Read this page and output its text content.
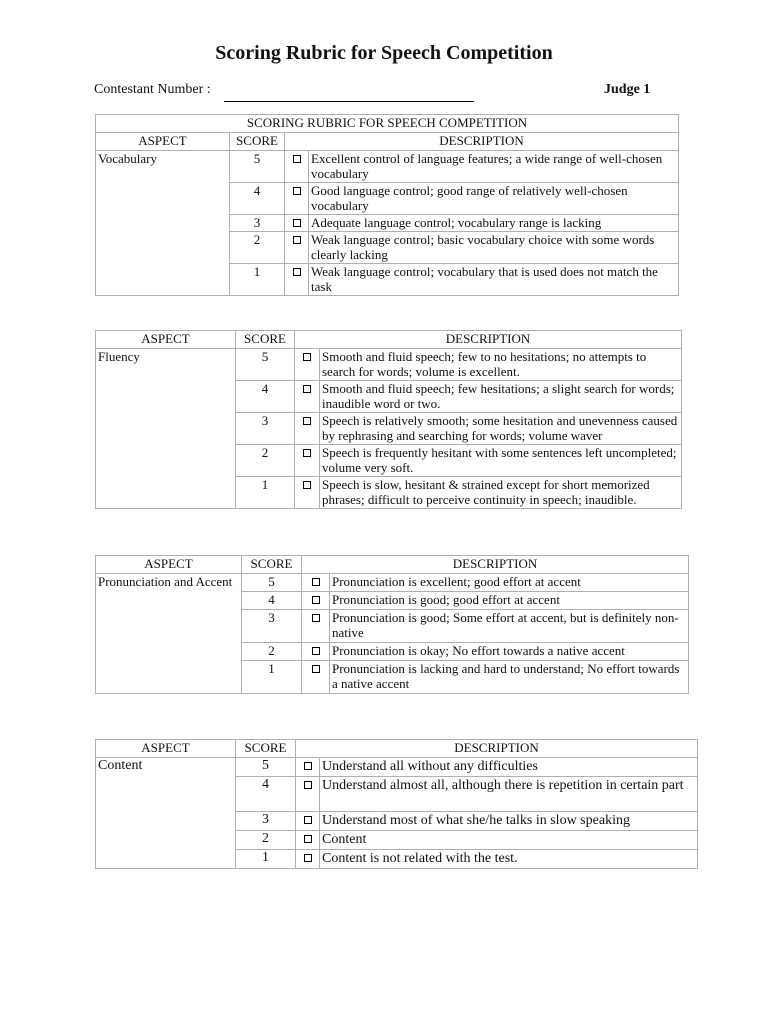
Scoring Rubric for Speech Competition
Contestant Number :	Judge 1
SCORING RUBRIC FOR SPEECH COMPETITION			
ASPECT	SCORE	DESCRIPTION	
Vocabulary	5		Excellent control of language features; a wide range of well-chosen vocabulary
	4		Good language control; good range of relatively well-chosen vocabulary
	3		Adequate language control; vocabulary range is lacking
	2		Weak language control; basic vocabulary choice with some words clearly lacking
	1		Weak language control; vocabulary that is used does not match the task
ASPECT	SCORE	DESCRIPTION	
Fluency	5		Smooth and fluid speech; few to no hesitations; no attempts to search for words; volume is excellent.
	4		Smooth and fluid speech; few hesitations; a slight search for words; inaudible word or two.
	3		Speech is relatively smooth; some hesitation and unevenness caused by rephrasing and searching for words; volume waver
	2		Speech is frequently hesitant with some sentences left uncompleted; volume very soft.
	1		Speech is slow, hesitant & strained except for short memorized phrases; difficult to perceive continuity in speech; inaudible.
ASPECT	SCORE	DESCRIPTION	
Pronunciation and Accent	5		Pronunciation is excellent; good effort at accent
	4		Pronunciation is good; good effort at accent
	3		Pronunciation is good; Some effort at accent, but is definitely non-native
	2		Pronunciation is okay; No effort towards a native accent
	1		Pronunciation is lacking and hard to understand; No effort towards a native accent
ASPECT	SCORE	DESCRIPTION	
Content	5		Understand all without any difficulties
	4		Understand almost all, although there is repetition in certain part
	3		Understand most of what she/he talks in slow speaking
	2		Content
	1		Content is not related with the test.
